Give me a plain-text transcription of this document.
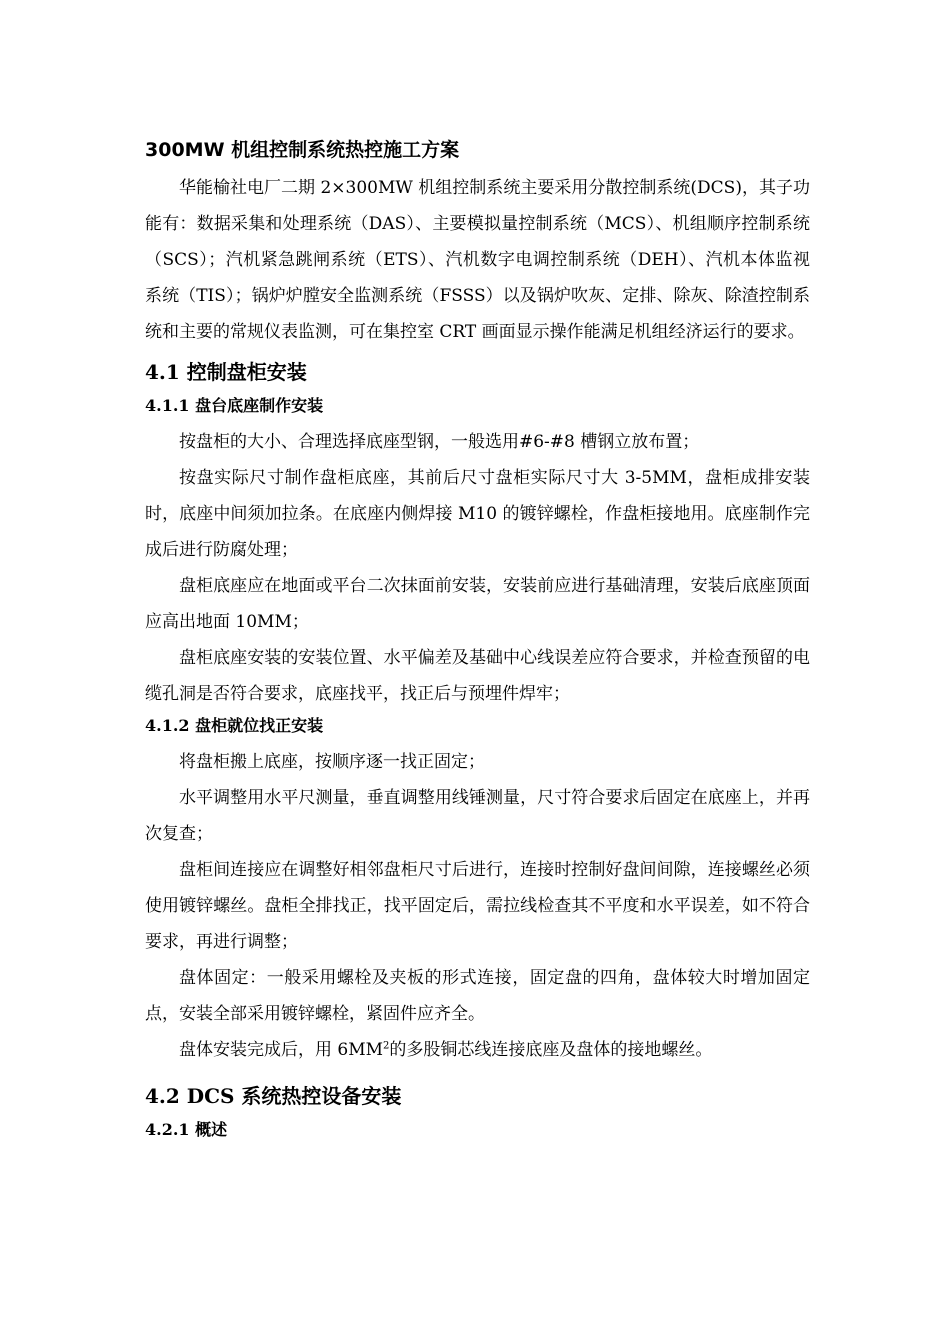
300MW 机组控制系统热控施工方案

华能榆社电厂二期 2×300MW 机组控制系统主要采用分散控制系统(DCS)，其子功能有：数据采集和处理系统（DAS）、主要模拟量控制系统（MCS）、机组顺序控制系统（SCS）；汽机紧急跳闸系统（ETS）、汽机数字电调控制系统（DEH）、汽机本体监视系统（TIS）；锅炉炉膛安全监测系统（FSSS）以及锅炉吹灰、定排、除灰、除渣控制系统和主要的常规仪表监测，可在集控室 CRT 画面显示操作能满足机组经济运行的要求。

4.1 控制盘柜安装
4.1.1 盘台底座制作安装

按盘柜的大小、合理选择底座型钢，一般选用#6-#8 槽钢立放布置；

按盘实际尺寸制作盘柜底座，其前后尺寸盘柜实际尺寸大 3-5MM，盘柜成排安装时，底座中间须加拉条。在底座内侧焊接 M10 的镀锌螺栓，作盘柜接地用。底座制作完成后进行防腐处理；

盘柜底座应在地面或平台二次抹面前安装，安装前应进行基础清理，安装后底座顶面应高出地面 10MM；

盘柜底座安装的安装位置、水平偏差及基础中心线误差应符合要求，并检查预留的电缆孔洞是否符合要求，底座找平，找正后与预埋件焊牢；

4.1.2 盘柜就位找正安装

将盘柜搬上底座，按顺序逐一找正固定；

水平调整用水平尺测量，垂直调整用线锤测量，尺寸符合要求后固定在底座上，并再次复查；

盘柜间连接应在调整好相邻盘柜尺寸后进行，连接时控制好盘间间隙，连接螺丝必须使用镀锌螺丝。盘柜全排找正，找平固定后，需拉线检查其不平度和水平误差，如不符合要求，再进行调整；

盘体固定：一般采用螺栓及夹板的形式连接，固定盘的四角，盘体较大时增加固定点，安装全部采用镀锌螺栓，紧固件应齐全。

盘体安装完成后，用 $6MM^2$的多股铜芯线连接底座及盘体的接地螺丝。

4.2 DCS 系统热控设备安装
4.2.1 概述
